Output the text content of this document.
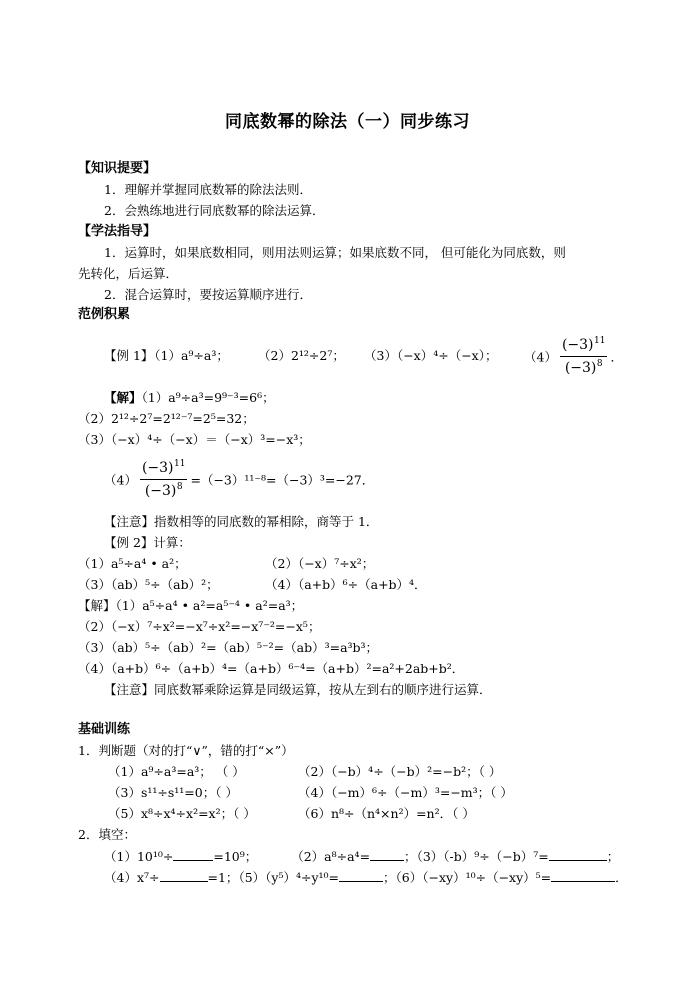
同底数幂的除法（一）同步练习
【知识提要】
1．理解并掌握同底数幂的除法法则．
2．会熟练地进行同底数幂的除法运算．
【学法指导】
1．运算时，如果底数相同，则用法则运算；如果底数不同， 但可能化为同底数，则
先转化，后运算．
2．混合运算时，要按运算顺序进行．
范例积累
【例 1】
（1）a⁹÷a³； （2）2¹²÷2⁷； （3）（−x）⁴÷（−x）； $(4) \frac{(-3)^{11}}{(-3)^8}$ ．
【解】（1）a⁹÷a³=9⁹⁻³=6⁶；
（2）2¹²÷2⁷=2¹²⁻⁷=2⁵=32；
（3）（−x）⁴÷（−x）＝（−x）³=−x³；
$(4) \frac{(-3)^{11}}{(-3)^8} =(-3)^{11-8}=(-3)^3=-27$．
【注意】指数相等的同底数的幂相除，商等于 1．
【例 2】计算：
（1）a⁵÷a⁴ • a²；	（2）（−x）⁷÷x²；
（3）（ab）⁵÷（ab）²；	（4）（a+b）⁶÷（a+b）⁴．
【解】（1）a⁵÷a⁴ • a²=a⁵⁻⁴ • a²=a³；
（2）（−x）⁷÷x²=−x⁷÷x²=−x⁷⁻²=−x⁵；
（3）（ab）⁵÷（ab）²=（ab）⁵⁻²=（ab）³=a³b³；
（4）（a+b）⁶÷（a+b）⁴=（a+b）⁶⁻⁴=（a+b）²=a²+2ab+b²．
【注意】同底数幂乘除运算是同级运算，按从左到右的顺序进行运算．
基础训练
1．判断题（对的打“∨”，错的打“×”）
（1）a⁹÷a³=a³； （ ）	（2）（−b）⁴÷（−b）²=−b²；（ ）
（3）s¹¹÷s¹¹=0；（ ）	（4）（−m）⁶÷（−m）³=−m³；（ ）
（5）x⁸÷x⁴÷x²=x²；（ ）	（6）n⁸÷（n⁴×n²）=n²．（ ）
2．填空：
（1）10¹⁰÷	=10⁹；	（2）a⁸÷a⁴=	；（3）（-b）⁹÷（−b）⁷=	；
（4）x⁷÷	=1；（5）（y⁵）⁴÷y¹⁰=	；（6）（−xy）¹⁰÷（−xy）⁵=	．
